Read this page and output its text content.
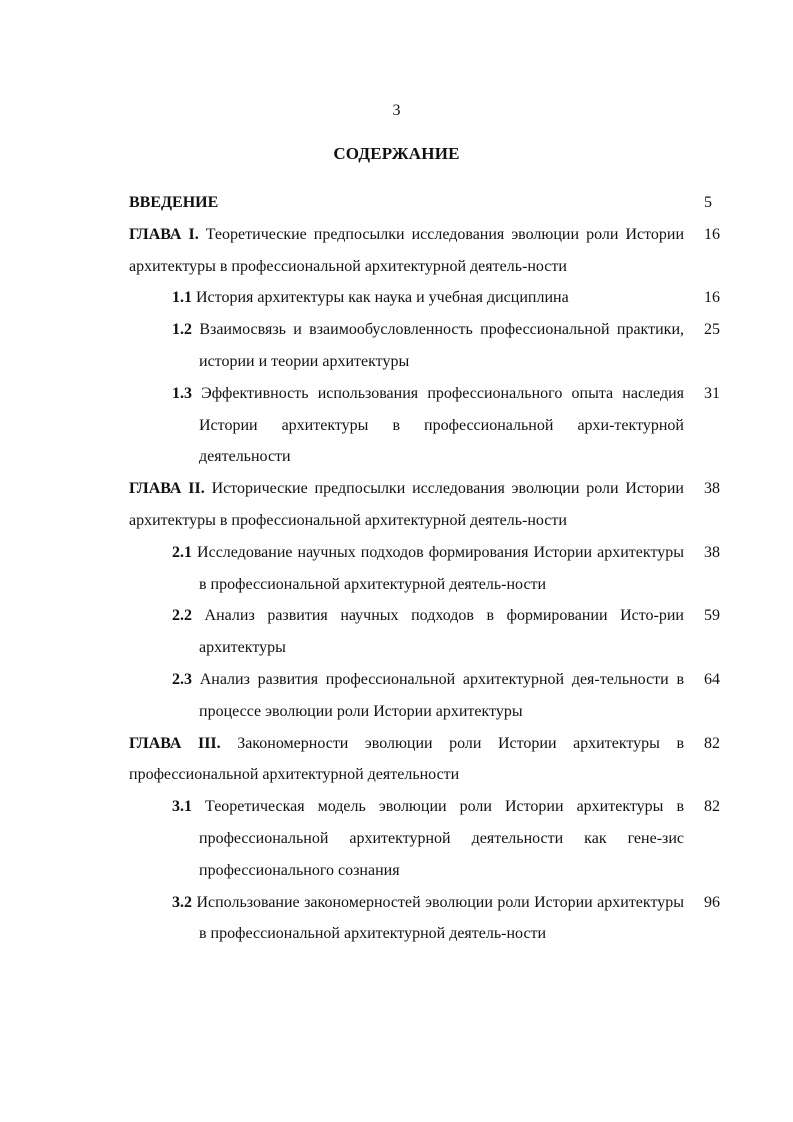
3
СОДЕРЖАНИЕ
ВВЕДЕНИЕ	5
ГЛАВА I. Теоретические предпосылки исследования эволюции роли Истории архитектуры в профессиональной архитектурной деятель-ности
16
1.1 История архитектуры как наука и учебная дисциплина	16
1.2 Взаимосвязь и взаимообусловленность профессиональной практики, истории и теории архитектуры
25
1.3 Эффективность использования профессионального опыта наследия Истории архитектуры в профессиональной архи-тектурной деятельности
31
ГЛАВА II. Исторические предпосылки исследования эволюции роли Истории архитектуры в профессиональной архитектурной деятель-ности
38
2.1 Исследование научных подходов формирования Истории архитектуры в профессиональной архитектурной деятель-ности
38
2.2 Анализ развития научных подходов в формировании Исто-рии архитектуры
59
2.3 Анализ развития профессиональной архитектурной дея-тельности в процессе эволюции роли Истории архитектуры
64
ГЛАВА III. Закономерности эволюции роли Истории архитектуры в профессиональной архитектурной деятельности
82
3.1 Теоретическая модель эволюции роли Истории архитектуры в профессиональной архитектурной деятельности как гене-зис профессионального сознания
82
3.2 Использование закономерностей эволюции роли Истории архитектуры в профессиональной архитектурной деятель-ности
96
